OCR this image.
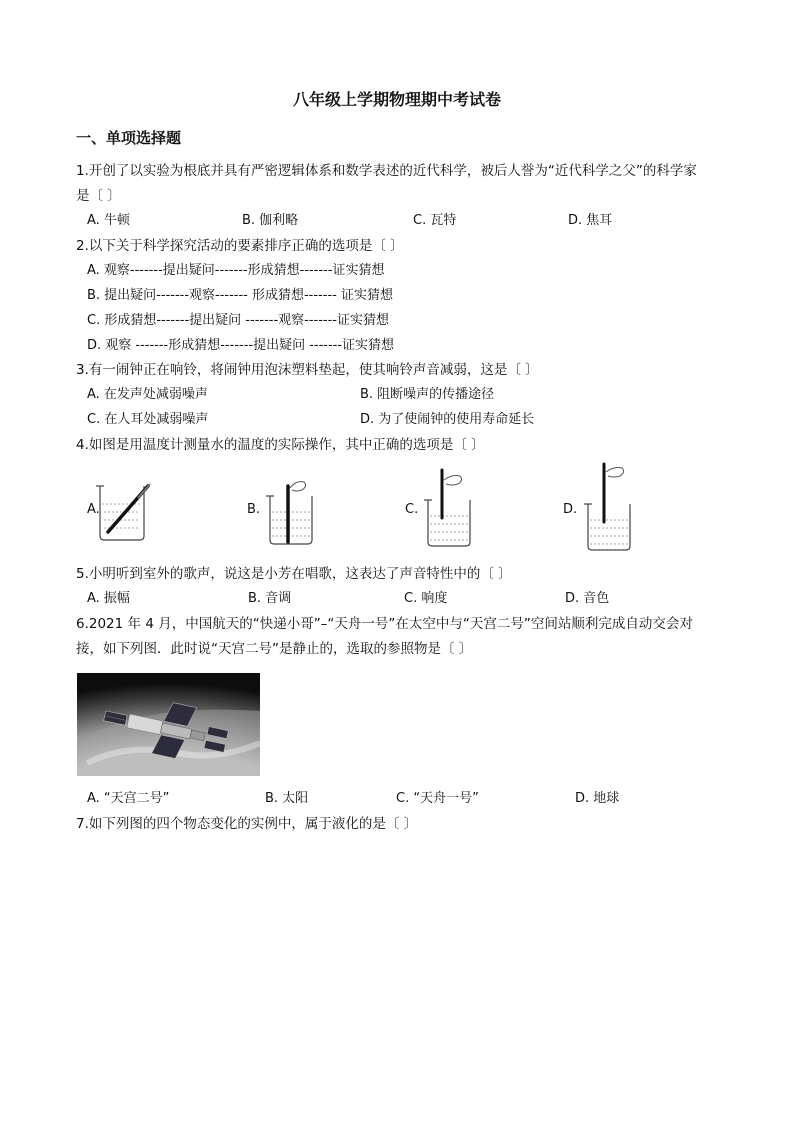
八年级上学期物理期中考试卷
一、单项选择题
1.开创了以实验为根底并具有严密逻辑体系和数学表述的近代科学，被后人誉为“近代科学之父”的科学家
是〔 〕
A. 牛顿	B. 伽利略	C. 瓦特	D. 焦耳
2.以下关于科学探究活动的要素排序正确的选项是〔 〕
A. 观察-------提出疑问-------形成猜想-------证实猜想
B. 提出疑问-------观察------- 形成猜想------- 证实猜想
C. 形成猜想-------提出疑问 -------观察-------证实猜想
D. 观察 -------形成猜想-------提出疑问 -------证实猜想
3.有一闹钟正在响铃，将闹钟用泡沫塑料垫起，使其响铃声音减弱，这是〔 〕
A. 在发声处减弱噪声	B. 阻断噪声的传播途径
C. 在人耳处减弱噪声	D. 为了使闹钟的使用寿命延长
4.如图是用温度计测量水的温度的实际操作，其中正确的选项是〔 〕
A.	B.	C.	D.
5.小明听到室外的歌声，说这是小芳在唱歌，这表达了声音特性中的〔 〕
A. 振幅	B. 音调	C. 响度	D. 音色
6.2021 年 4 月，中国航天的“快递小哥”–“天舟一号”在太空中与“天宫二号”空间站顺利完成自动交会对
接，如下列图．此时说“天宫二号”是静止的，选取的参照物是〔 〕
A. “天宫二号”	B. 太阳	C. “天舟一号”	D. 地球
7.如下列图的四个物态变化的实例中，属于液化的是〔 〕
